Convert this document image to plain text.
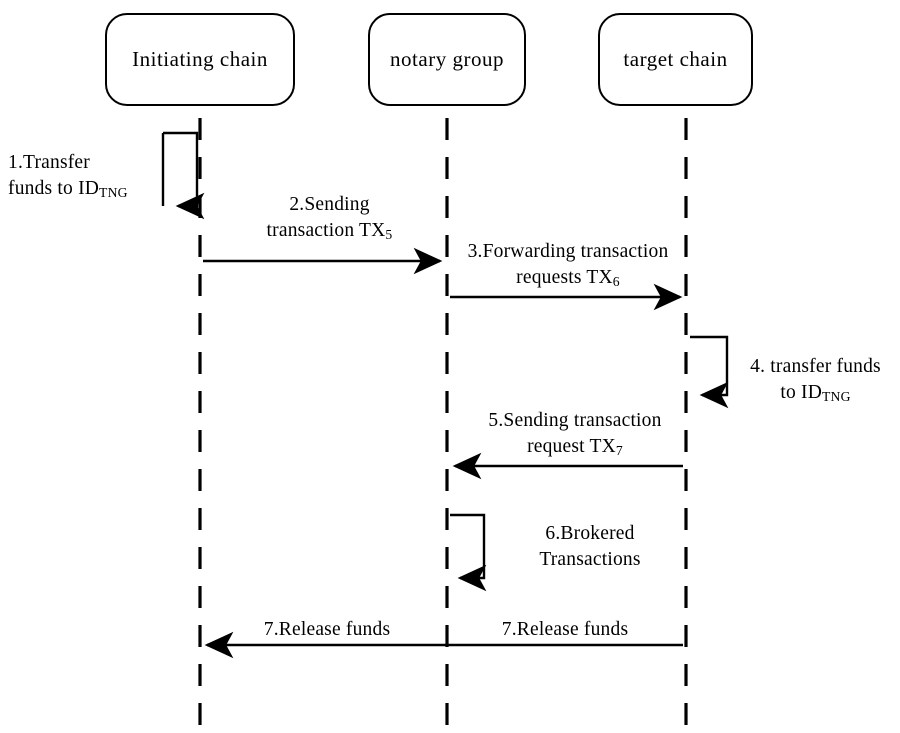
Initiating chain	notary group	target chain
1.Transfer
funds to $ID_{TNG}$
2.Sending
transaction $TX_5$
3.Forwarding transaction
requests $TX_6$
4. transfer funds
to $ID_{TNG}$
5.Sending transaction
request $TX_7$
6.Brokered
Transactions
7.Release funds	7.Release funds
